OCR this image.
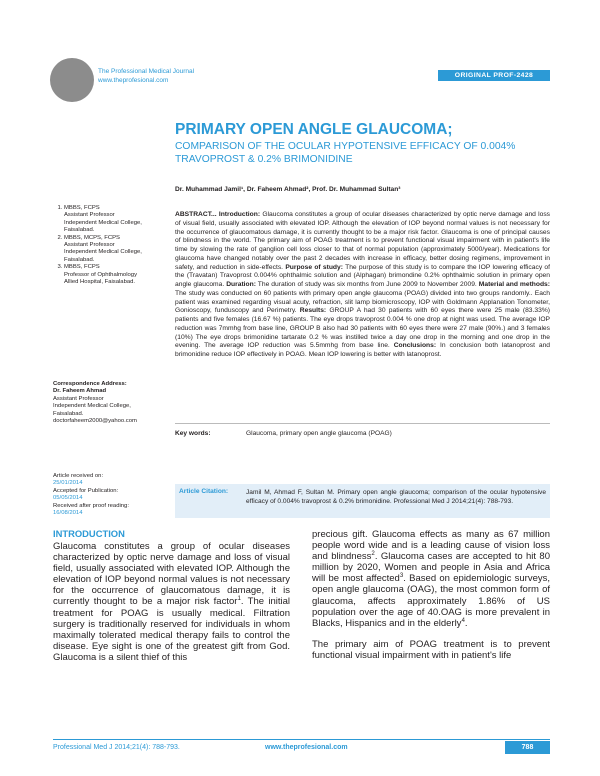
The Professional Medical Journal
www.theprofesional.com
ORIGINAL PROF-2428
PRIMARY OPEN ANGLE GLAUCOMA;
COMPARISON OF THE OCULAR HYPOTENSIVE EFFICACY OF 0.004% TRAVOPROST & 0.2% BRIMONIDINE
Dr. Muhammad Jamil¹, Dr. Faheem Ahmad², Prof. Dr. Muhammad Sultan³
1. MBBS, FCPS
Assistant Professor
Independent Medical College,
Faisalabad.
2. MBBS, MCPS, FCPS
Assistant Professor
Independent Medical College,
Faisalabad.
3. MBBS, FCPS
Professor of Ophthalmology
Allied Hospital, Faisalabad.
Correspondence Address:
Dr. Faheem Ahmad
Assistant Professor
Independent Medical College,
Faisalabad.
doctorfaheem2000@yahoo.com
Article received on:
25/01/2014
Accepted for Publication:
05/05/2014
Received after proof reading:
16/08/2014
ABSTRACT... Introduction: Glaucoma constitutes a group of ocular diseases characterized by optic nerve damage and loss of visual field, usually associated with elevated IOP. Although the elevation of IOP beyond normal values is not necessary for the occurrence of glaucomatous damage, it is currently thought to be a major risk factor. Glaucoma is one of principal causes of blindness in the world. The primary aim of POAG treatment is to prevent functional visual impairment with in patient's life time by slowing the rate of ganglion cell loss closer to that of normal population (approximately 5000/year). Medications for glaucoma have changed notably over the past 2 decades with increase in efficacy, better dosing regimens, improvement in safety, and reduction in side-effects. Purpose of study: The purpose of this study is to compare the IOP lowering efficacy of the (Travatan) Travoprost 0.004% ophthalmic solution and (Alphagan) brimondine 0.2% ophthalmic solution in primary open angle glaucoma. Duration: The duration of study was six months from June 2009 to November 2009. Material and methods: The study was conducted on 60 patients with primary open angle glaucoma (POAG) divided into two groups randomly.. Each patient was examined regarding visual acuty, refraction, slit lamp biomicroscopy, IOP with Goldmann Applanation Tonometer, Gonioscopy, funduscopy and Perimetry. Results: GROUP A had 30 patients with 60 eyes there were 25 male (83.33%) patients and five females (16.67 %) patients. The eye drops travoprost 0.004 % one drop at night was used. The average IOP reduction was 7mmhg from base line, GROUP B also had 30 patients with 60 eyes there were 27 male (90%.) and 3 females (10%) The eye drops brimonidine tartarate 0.2 % was instilled twice a day one drop in the morning and one drop in the evening. The average IOP reduction was 5.5mmhg from base line. Conclusions: In conclusion both latanoprost and brimonidine reduce IOP effectively in POAG. Mean IOP lowering is better with latanoprost.
Key words:	Glaucoma, primary open angle glaucoma (POAG)
Article Citation:	Jamil M, Ahmad F, Sultan M. Primary open angle glaucoma; comparison of the ocular hypotensive efficacy of 0.004% travoprost & 0.2% brimonidine. Professional Med J 2014;21(4): 788-793.
INTRODUCTION

Glaucoma constitutes a group of ocular diseases characterized by optic nerve damage and loss of visual field, usually associated with elevated IOP. Although the elevation of IOP beyond normal values is not necessary for the occurrence of glaucomatous damage, it is currently thought to be a major risk factor$^1$. The initial treatment for POAG is usually medical. Filtration surgery is traditionally reserved for individuals in whom maximally tolerated medical therapy fails to control the disease. Eye sight is one of the greatest gift from God. Glaucoma is a silent thief of this

precious gift. Glaucoma effects as many as 67 million people word wide and is a leading cause of vision loss and blindness$^2$. Glaucoma cases are accepted to hit 80 million by 2020, Women and people in Asia and Africa will be most affected$^3$. Based on epidemiologic surveys, open angle glaucoma (OAG), the most common form of glaucoma, affects approximately 1.86% of US population over the age of 40.OAG is more prevalent in Blacks, Hispanics and in the elderly$^4$.

The primary aim of POAG treatment is to prevent functional visual impairment with in patient's life

Professional Med J 2014;21(4): 788-793.	www.theprofesional.com	788
